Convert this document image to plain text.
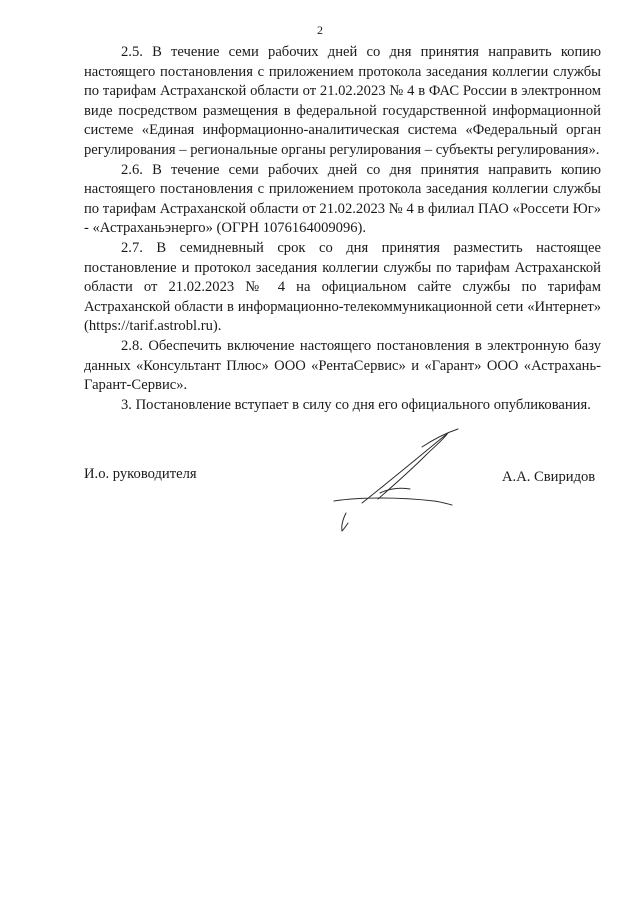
2

2.5. В течение семи рабочих дней со дня принятия направить копию настоящего постановления с приложением протокола заседания коллегии службы по тарифам Астраханской области от 21.02.2023 № 4 в ФАС России в электронном виде посредством размещения в федеральной государственной информационной системе «Единая информационно-аналитическая система «Федеральный орган регулирования – региональные органы регулирования – субъекты регулирования».

2.6. В течение семи рабочих дней со дня принятия направить копию настоящего постановления с приложением протокола заседания коллегии службы по тарифам Астраханской области от 21.02.2023 № 4 в филиал ПАО «Россети Юг» - «Астраханьэнерго» (ОГРН 1076164009096).

2.7. В семидневный срок со дня принятия разместить настоящее постановление и протокол заседания коллегии службы по тарифам Астраханской области от 21.02.2023 № 4 на официальном сайте службы по тарифам Астраханской области в информационно-телекоммуникационной сети «Интернет» (https://tarif.astrobl.ru).

2.8. Обеспечить включение настоящего постановления в электронную базу данных «Консультант Плюс» ООО «РентаСервис» и «Гарант» ООО «Астрахань-Гарант-Сервис».

3. Постановление вступает в силу со дня его официального опубликования.

И.о. руководителя	А.А. Свиридов
